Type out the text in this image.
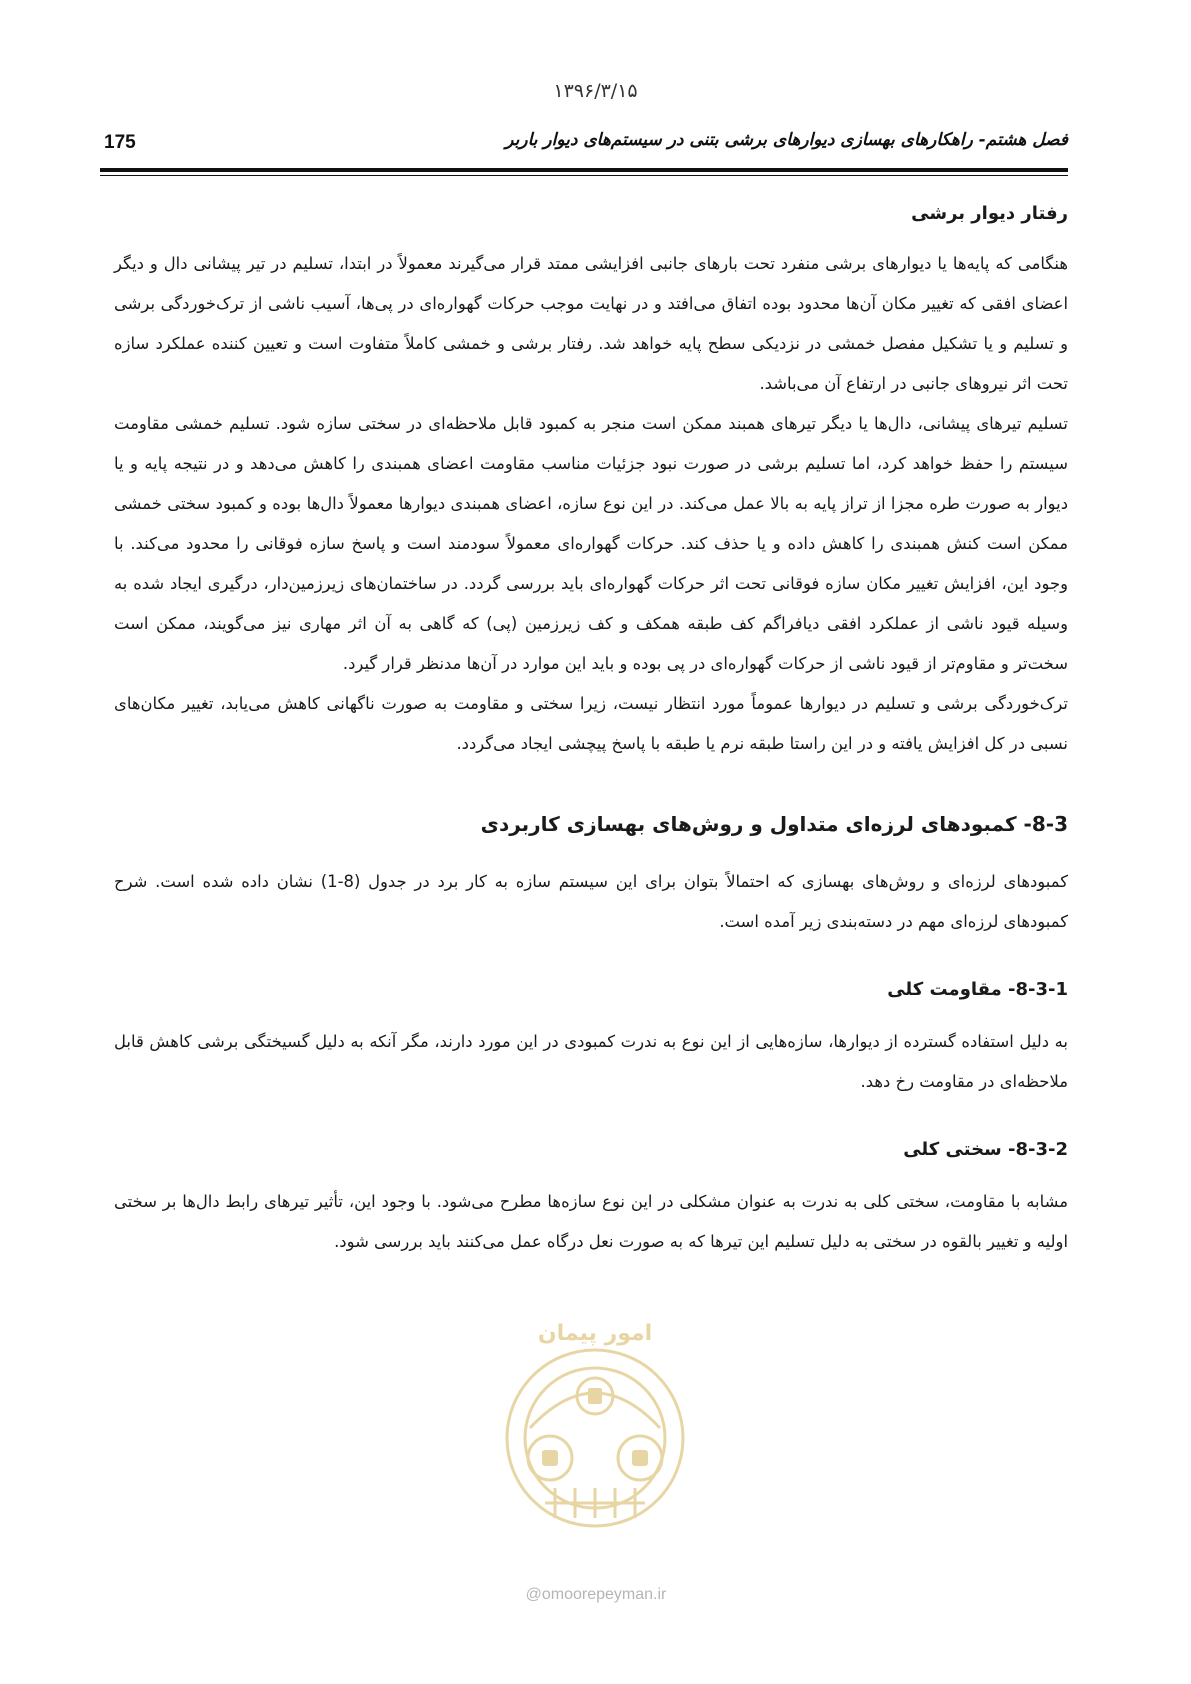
۱۳۹۶/۳/۱۵
175	فصل هشتم- راهکارهای بهسازی دیوارهای برشی بتنی در سیستم‌های دیوار باربر
رفتار دیوار برشی

هنگامی که پایه‌ها یا دیوارهای برشی منفرد تحت بارهای جانبی افزایشی ممتد قرار می‌گیرند معمولاً در ابتدا، تسلیم در تیر پیشانی دال و دیگر اعضای افقی که تغییر مکان آن‌ها محدود بوده اتفاق می‌افتد و در نهایت موجب حرکات گهواره‌ای در پی‌ها، آسیب ناشی از ترک‌خوردگی برشی و تسلیم و یا تشکیل مفصل خمشی در نزدیکی سطح پایه خواهد شد. رفتار برشی و خمشی کاملاً متفاوت است و تعیین کننده عملکرد سازه تحت اثر نیروهای جانبی در ارتفاع آن می‌باشد.

تسلیم تیرهای پیشانی، دال‌ها یا دیگر تیرهای همبند ممکن است منجر به کمبود قابل ملاحظه‌ای در سختی سازه شود. تسلیم خمشی مقاومت سیستم را حفظ خواهد کرد، اما تسلیم برشی در صورت نبود جزئیات مناسب مقاومت اعضای همبندی را کاهش می‌دهد و در نتیجه پایه و یا دیوار به صورت طره مجزا از تراز پایه به بالا عمل می‌کند. در این نوع سازه، اعضای همبندی دیوارها معمولاً دال‌ها بوده و کمبود سختی خمشی ممکن است کنش همبندی را کاهش داده و یا حذف کند. حرکات گهواره‌ای معمولاً سودمند است و پاسخ سازه فوقانی را محدود می‌کند. با وجود این، افزایش تغییر مکان سازه فوقانی تحت اثر حرکات گهواره‌ای باید بررسی گردد. در ساختمان‌های زیرزمین‌دار، درگیری ایجاد شده به وسیله قیود ناشی از عملکرد افقی دیافراگم کف طبقه همکف و کف زیرزمین (پی) که گاهی به آن اثر مهاری نیز می‌گویند، ممکن است سخت‌تر و مقاوم‌تر از قیود ناشی از حرکات گهواره‌ای در پی بوده و باید این موارد در آن‌ها مدنظر قرار گیرد.

ترک‌خوردگی برشی و تسلیم در دیوارها عموماً مورد انتظار نیست، زیرا سختی و مقاومت به صورت ناگهانی کاهش می‌یابد، تغییر مکان‌های نسبی در کل افزایش یافته و در این راستا طبقه نرم یا طبقه با پاسخ پیچشی ایجاد می‌گردد.

8-3- کمبودهای لرزه‌ای متداول و روش‌های بهسازی کاربردی

کمبودهای لرزه‌ای و روش‌های بهسازی که احتمالاً بتوان برای این سیستم سازه به کار برد در جدول (8-1) نشان داده شده است. شرح کمبودهای لرزه‌ای مهم در دسته‌بندی زیر آمده است.

8-3-1- مقاومت کلی

به دلیل استفاده گسترده از دیوارها، سازه‌هایی از این نوع به ندرت کمبودی در این مورد دارند، مگر آنکه به دلیل گسیختگی برشی کاهش قابل ملاحظه‌ای در مقاومت رخ دهد.

8-3-2- سختی کلی

مشابه با مقاومت، سختی کلی به ندرت به عنوان مشکلی در این نوع سازه‌ها مطرح می‌شود. با وجود این، تأثیر تیرهای رابط دال‌ها بر سختی اولیه و تغییر بالقوه در سختی به دلیل تسلیم این تیرها که به صورت نعل درگاه عمل می‌کنند باید بررسی شود.

امور پیمان
@omoorepeyman.ir
